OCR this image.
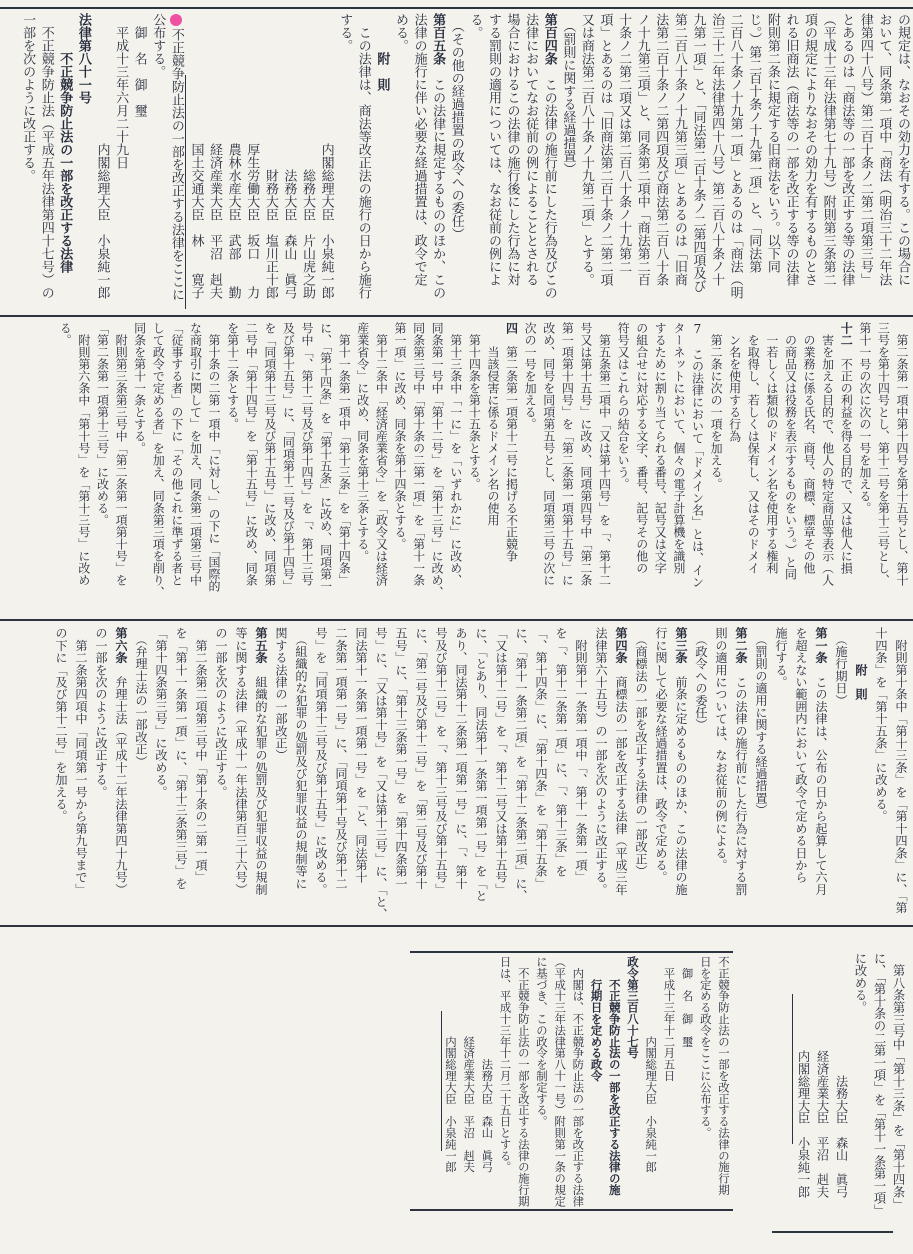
の規定は、なおその効力を有する。この場合に

おいて、同条第一項中「商法（明治三十二年法

律第四十八号）第二百十条ノ二第二項第三号」

とあるのは「商法等の一部を改正する等の法律

（平成十三年法律第七十九号）附則第三条第二

項の規定によりなおその効力を有するものとさ

れる旧商法（商法等の一部を改正する等の法律

附則第二条に規定する旧商法をいう。以下同

じ。）第二百十条ノ十九第一項」と、「同法第

二百八十条ノ十九第一項」とあるのは「商法（明

治三十二年法律第四十八号）第二百八十条ノ十

九第一項」と、「同法第二百十条ノ二第四項及び

第二百八十条ノ十九第三項」とあるのは「旧商

法第二百十条ノ二第四項及び商法第二百八十条

ノ十九第三項」と、同条第二項中「商法第二百

十条ノ二第二項又は第二百八十条ノ十九第二

項」とあるのは「旧商法第二百十条ノ二第二項

又は商法第二百八十条ノ十九第二項」とする。

　（罰則に関する経過措置）

第百四条　この法律の施行前にした行為及びこの

法律においてなお従前の例によることとされる

場合におけるこの法律の施行後にした行為に対

する罰則の適用については、なお従前の例によ

る。

　（その他の経過措置の政令への委任）

第百五条　この法律に規定するもののほか、この

法律の施行に伴い必要な経過措置は、政令で定

める。

　　　附　則

　この法律は、商法等改正法の施行の日から施行

する。

　　　　　　　　　　内閣総理大臣　小泉純一郎

　　　　　　　　　　　　総務大臣　片山虎之助

　　　　　　　　　　　　法務大臣　森山　眞弓

　　　　　　　　　　　　財務大臣　塩川正十郎

　　　　　　　　　　厚生労働大臣　坂口　　力

　　　　　　　　　　農林水産大臣　武部　　勤

　　　　　　　　　　経済産業大臣　平沼　赳夫

　　　　　　　　　　国土交通大臣　林　　寛子

不正競争防止法の一部を改正する法律をここに

公布する。

　御　名　御　璽

　平成十三年六月二十九日

　　　　　　　　　　内閣総理大臣　小泉純一郎

法律第八十一号

　　　不正競争防止法の一部を改正する法律

　不正競争防止法（平成五年法律第四十七号）の

一部を次のように改正する。

　第二条第一項中第十四号を第十五号とし、第十

三号を第十四号とし、第十二号を第十三号とし、

第十一号の次に次の一号を加える。

十二　不正の利益を得る目的で、又は他人に損

　害を加える目的で、他人の特定商品等表示（人

　の業務に係る氏名、商号、商標、標章その他

　の商品又は役務を表示するものをいう。）と同

　一若しくは類似のドメイン名を使用する権利

　を取得し、若しくは保有し、又はそのドメイ

　ン名を使用する行為

　第二条に次の一項を加える。

7　この法律において「ドメイン名」とは、イン

ターネットにおいて、個々の電子計算機を識別

するために割り当てられる番号、記号又は文字

の組合せに対応する文字、番号、記号その他の

符号又はこれらの結合をいう。

　第五条第二項中「又は第十四号」を「、第十二

号又は第十五号」に改め、同項第四号中「第二条

第一項第十四号」を「第二条第一項第十五号」に

改め、同号を同項第五号とし、同項第三号の次に

次の一号を加える。

四　第二条第一項第十二号に掲げる不正競争

　　当該侵害に係るドメイン名の使用

　第十四条を第十五条とする。

　第十三条中「一に」を「いずれかに」に改め、

同条第一号中「第十二号」を「第十三号」に改め、

同条第三号中「第十条の二第一項」を「第十一条

第一項」に改め、同条を第十四条とする。

　第十二条中「経済産業省令」を「政令又は経済

産業省令」に改め、同条を第十三条とする。

　第十一条第一項中「第十三条」を「第十四条」

に、「第十四条」を「第十五条」に改め、同項第一

号中「、第十二号及び第十四号」を「、第十三号

及び第十五号」に、「同項第十二号及び第十四号」

を「同項第十三号及び第十五号」に改め、同項第

二号中「第十四号」を「第十五号」に改め、同条

を第十二条とする。

　第十条の二第一項中「に対し、」の下に「国際的

な商取引に関して」を加え、同条第二項第三号中

「従事する者」の下に「その他これに準ずる者と

して政令で定める者」を加え、同条第三項を削り、

同条を第十一条とする。

　附則第三条第三号中「第二条第一項第十号」を

「第二条第一項第十三号」に改める。

　附則第六条中「第十号」を「第十三号」に改め

る。

　附則第十条中「第十三条」を「第十四条」に、「第

十四条」を「第十五条」に改める。

　　　附　則

　（施行期日）

第一条　この法律は、公布の日から起算して六月

を超えない範囲内において政令で定める日から

施行する。

　（罰則の適用に関する経過措置）

第二条　この法律の施行前にした行為に対する罰

則の適用については、なお従前の例による。

　（政令への委任）

第三条　前条に定めるもののほか、この法律の施

行に関して必要な経過措置は、政令で定める。

　（商標法の一部を改正する法律の一部改正）

第四条　商標法の一部を改正する法律（平成三年

法律第六十五号）の一部を次のように改正する。

　附則第十一条第一項中「、第十一条第一項」

を「、第十二条第一項」に、「、第十三条」を

「、第十四条」に、「第十四条」を「第十五条」

に、「第十一条第二項」を「第十二条第二項」に、

「又は第十二号」を「、第十二号又は第十五号」

に、「とあり、同法第十一条第一項第一号」を「と

あり、同法第十二条第一項第一号」に、「、第十

号及び第十二号」を「、第十三号及び第十五号」

に、「第二号及び第十二号」を「第二号及び第十

五号」に、「第十三条第一号」を「第十四条第一

号」に、「又は第十号」を「又は第十三号」に、「と、

同法第十一条第一項第一号」を「と、同法第十

二条第一項第一号」に、「同項第十号及び第十二

号」を「同項第十三号及び第十五号」に改める。

　（組織的な犯罪の処罰及び犯罪収益の規制等に

関する法律の一部改正）

第五条　組織的な犯罪の処罰及び犯罪収益の規制

等に関する法律（平成十一年法律第百三十六号）

の一部を次のように改正する。

　第二条第二項第三号中「第十条の二第一項」

を「第十一条第一項」に、「第十三条第三号」を

「第十四条第三号」に改める。

　（弁理士法の一部改正）

第六条　弁理士法（平成十二年法律第四十九号）

の一部を次のように改正する。

　第二条第四項中「同項第一号から第九号まで」

の下に「及び第十二号」を加える。

　第八条第三号中「第十三条」を「第十四条」

に、「第十条の二第一項」を「第十一条第一項」

に改める。

　　　　　　　　　　法務大臣　森山　眞弓

　　　　　　　　経済産業大臣　平沼　赳夫

　　　　　　　　内閣総理大臣　小泉純一郎

不正競争防止法の一部を改正する法律の施行期

日を定める政令をここに公布する。

　御　名　御　璽

　平成十三年十二月五日

　　　　　　　内閣総理大臣　小泉純一郎

政令第三百八十七号

　　不正競争防止法の一部を改正する法律の施

　　行期日を定める政令

　内閣は、不正競争防止法の一部を改正する法律

（平成十三年法律第八十一号）附則第一条の規定

に基づき、この政令を制定する。

　不正競争防止法の一部を改正する法律の施行期

日は、平成十三年十二月二十五日とする。

　　　　　　　　　法務大臣　森山　眞弓

　　　　　　　経済産業大臣　平沼　赳夫

　　　　　　　内閣総理大臣　小泉純一郎
